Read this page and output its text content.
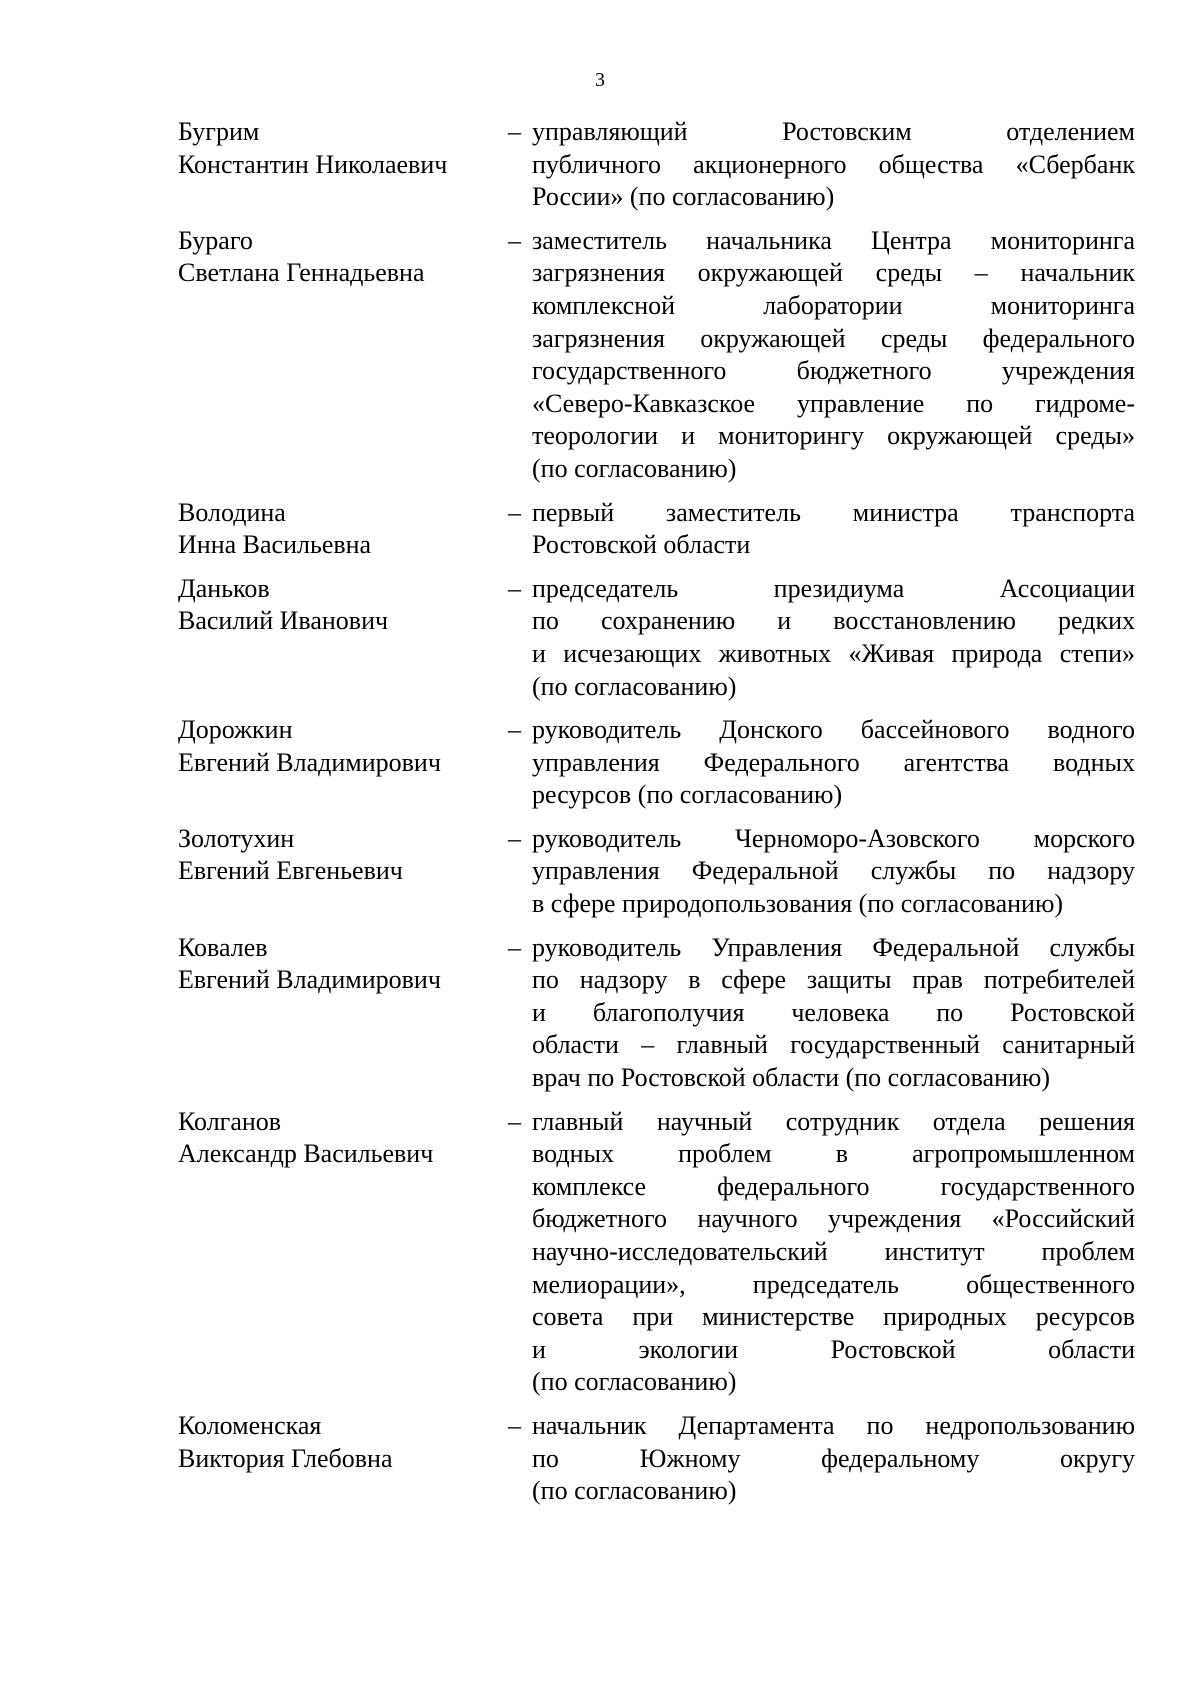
3
Бугрим
Константин Николаевич
– управляющий Ростовским отделением
публичного акционерного общества «Сбербанк
России» (по согласованию)
Бураго
Светлана Геннадьевна
– заместитель начальника Центра мониторинга
загрязнения окружающей среды – начальник
комплексной лаборатории мониторинга
загрязнения окружающей среды федерального
государственного бюджетного учреждения
«Северо-Кавказское управление по гидроме-
теорологии и мониторингу окружающей среды»
(по согласованию)
Володина
Инна Васильевна
– первый заместитель министра транспорта
Ростовской области
Даньков
Василий Иванович
– председатель президиума Ассоциации
по сохранению и восстановлению редких
и исчезающих животных «Живая природа степи»
(по согласованию)
Дорожкин
Евгений Владимирович
– руководитель Донского бассейнового водного
управления Федерального агентства водных
ресурсов (по согласованию)
Золотухин
Евгений Евгеньевич
– руководитель Черноморо-Азовского морского
управления Федеральной службы по надзору
в сфере природопользования (по согласованию)
Ковалев
Евгений Владимирович
– руководитель Управления Федеральной службы
по надзору в сфере защиты прав потребителей
и благополучия человека по Ростовской
области – главный государственный санитарный
врач по Ростовской области (по согласованию)
Колганов
Александр Васильевич
– главный научный сотрудник отдела решения
водных проблем в агропромышленном
комплексе федерального государственного
бюджетного научного учреждения «Российский
научно-исследовательский институт проблем
мелиорации», председатель общественного
совета при министерстве природных ресурсов
и экологии Ростовской области
(по согласованию)
Коломенская
Виктория Глебовна
– начальник Департамента по недропользованию
по Южному федеральному округу
(по согласованию)
